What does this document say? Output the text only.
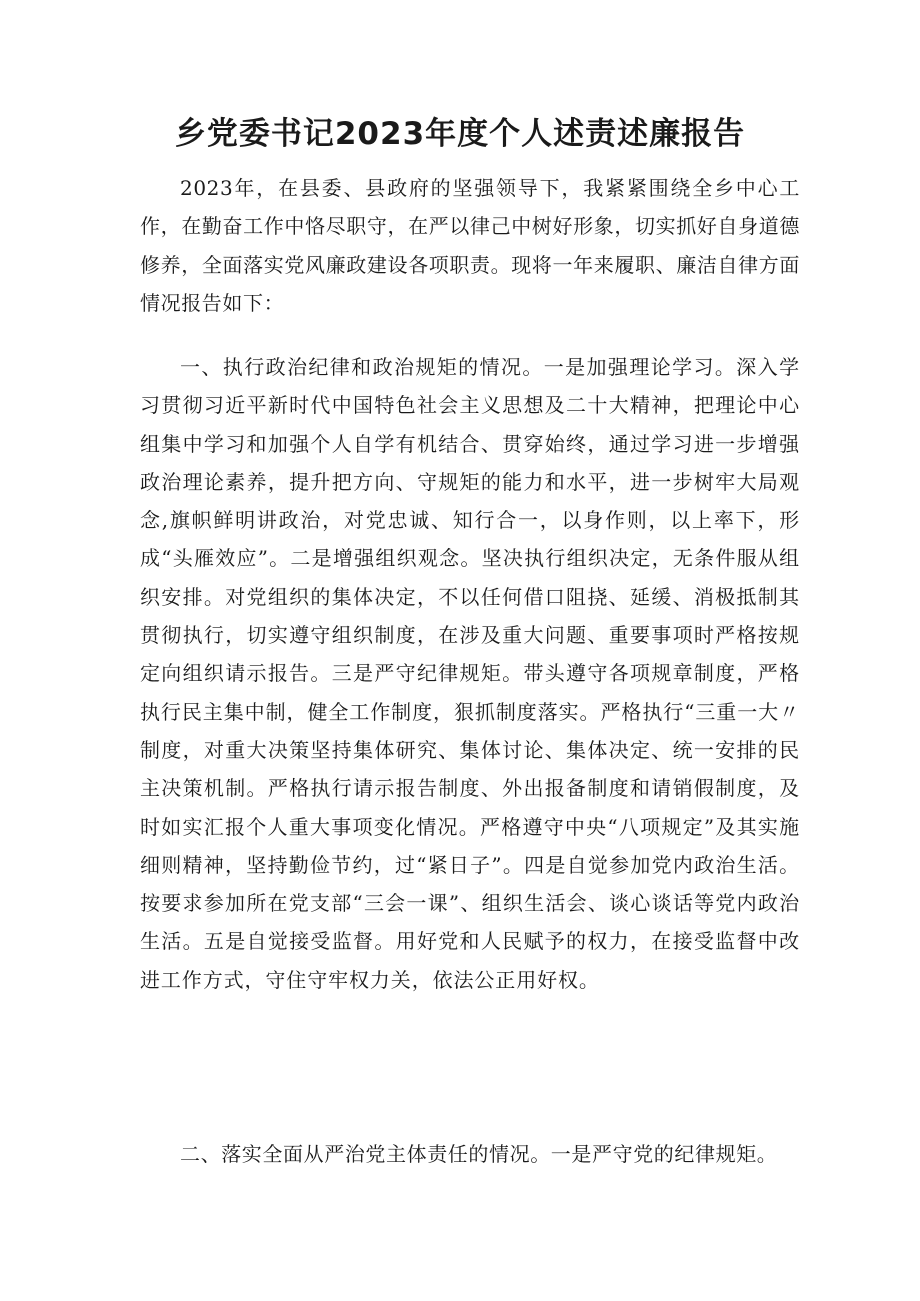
乡党委书记2023年度个人述责述廉报告

2023年，在县委、县政府的坚强领导下，我紧紧围绕全乡中心工作，在勤奋工作中恪尽职守，在严以律己中树好形象，切实抓好自身道德修养，全面落实党风廉政建设各项职责。现将一年来履职、廉洁自律方面情况报告如下：

一、执行政治纪律和政治规矩的情况。一是加强理论学习。深入学习贯彻习近平新时代中国特色社会主义思想及二十大精神，把理论中心组集中学习和加强个人自学有机结合、贯穿始终，通过学习进一步增强政治理论素养，提升把方向、守规矩的能力和水平，进一步树牢大局观念,旗帜鲜明讲政治，对党忠诚、知行合一，以身作则，以上率下，形成“头雁效应”。二是增强组织观念。坚决执行组织决定，无条件服从组织安排。对党组织的集体决定，不以任何借口阻挠、延缓、消极抵制其贯彻执行，切实遵守组织制度，在涉及重大问题、重要事项时严格按规定向组织请示报告。三是严守纪律规矩。带头遵守各项规章制度，严格执行民主集中制，健全工作制度，狠抓制度落实。严格执行“三重一大〃制度，对重大决策坚持集体研究、集体讨论、集体决定、统一安排的民主决策机制。严格执行请示报告制度、外出报备制度和请销假制度，及时如实汇报个人重大事项变化情况。严格遵守中央“八项规定”及其实施细则精神，坚持勤俭节约，过“紧日子”。四是自觉参加党内政治生活。按要求参加所在党支部“三会一课”、组织生活会、谈心谈话等党内政治生活。五是自觉接受监督。用好党和人民赋予的权力，在接受监督中改进工作方式，守住守牢权力关，依法公正用好权。

二、落实全面从严治党主体责任的情况。一是严守党的纪律规矩。
